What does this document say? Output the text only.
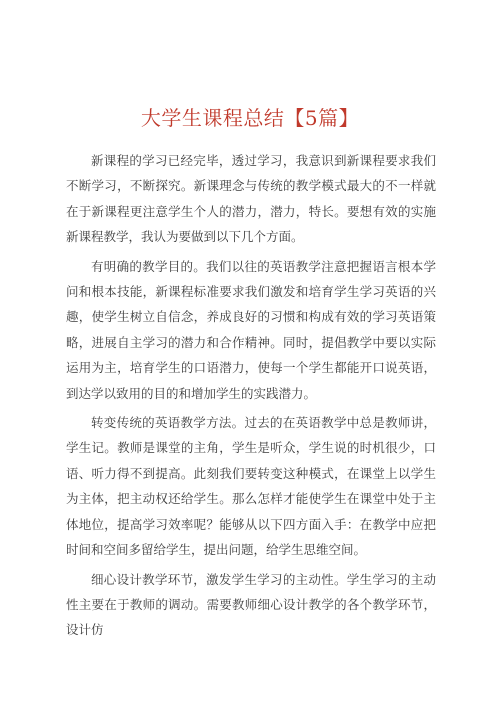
大学生课程总结【5篇】

新课程的学习已经完毕，透过学习，我意识到新课程要求我们不断学习，不断探究。新课理念与传统的教学模式最大的不一样就在于新课程更注意学生个人的潜力，潜力，特长。要想有效的实施新课程教学，我认为要做到以下几个方面。

有明确的教学目的。我们以往的英语教学注意把握语言根本学问和根本技能，新课程标准要求我们激发和培育学生学习英语的兴趣，使学生树立自信念，养成良好的习惯和构成有效的学习英语策略，进展自主学习的潜力和合作精神。同时，提倡教学中要以实际运用为主，培育学生的口语潜力，使每一个学生都能开口说英语，到达学以致用的目的和增加学生的实践潜力。

转变传统的英语教学方法。过去的在英语教学中总是教师讲，学生记。教师是课堂的主角，学生是听众，学生说的时机很少，口语、听力得不到提高。此刻我们要转变这种模式，在课堂上以学生为主体，把主动权还给学生。那么怎样才能使学生在课堂中处于主体地位，提高学习效率呢？能够从以下四方面入手：在教学中应把时间和空间多留给学生，提出问题，给学生思维空间。

细心设计教学环节，激发学生学习的主动性。学生学习的主动性主要在于教师的调动。需要教师细心设计教学的各个教学环节，设计仿
